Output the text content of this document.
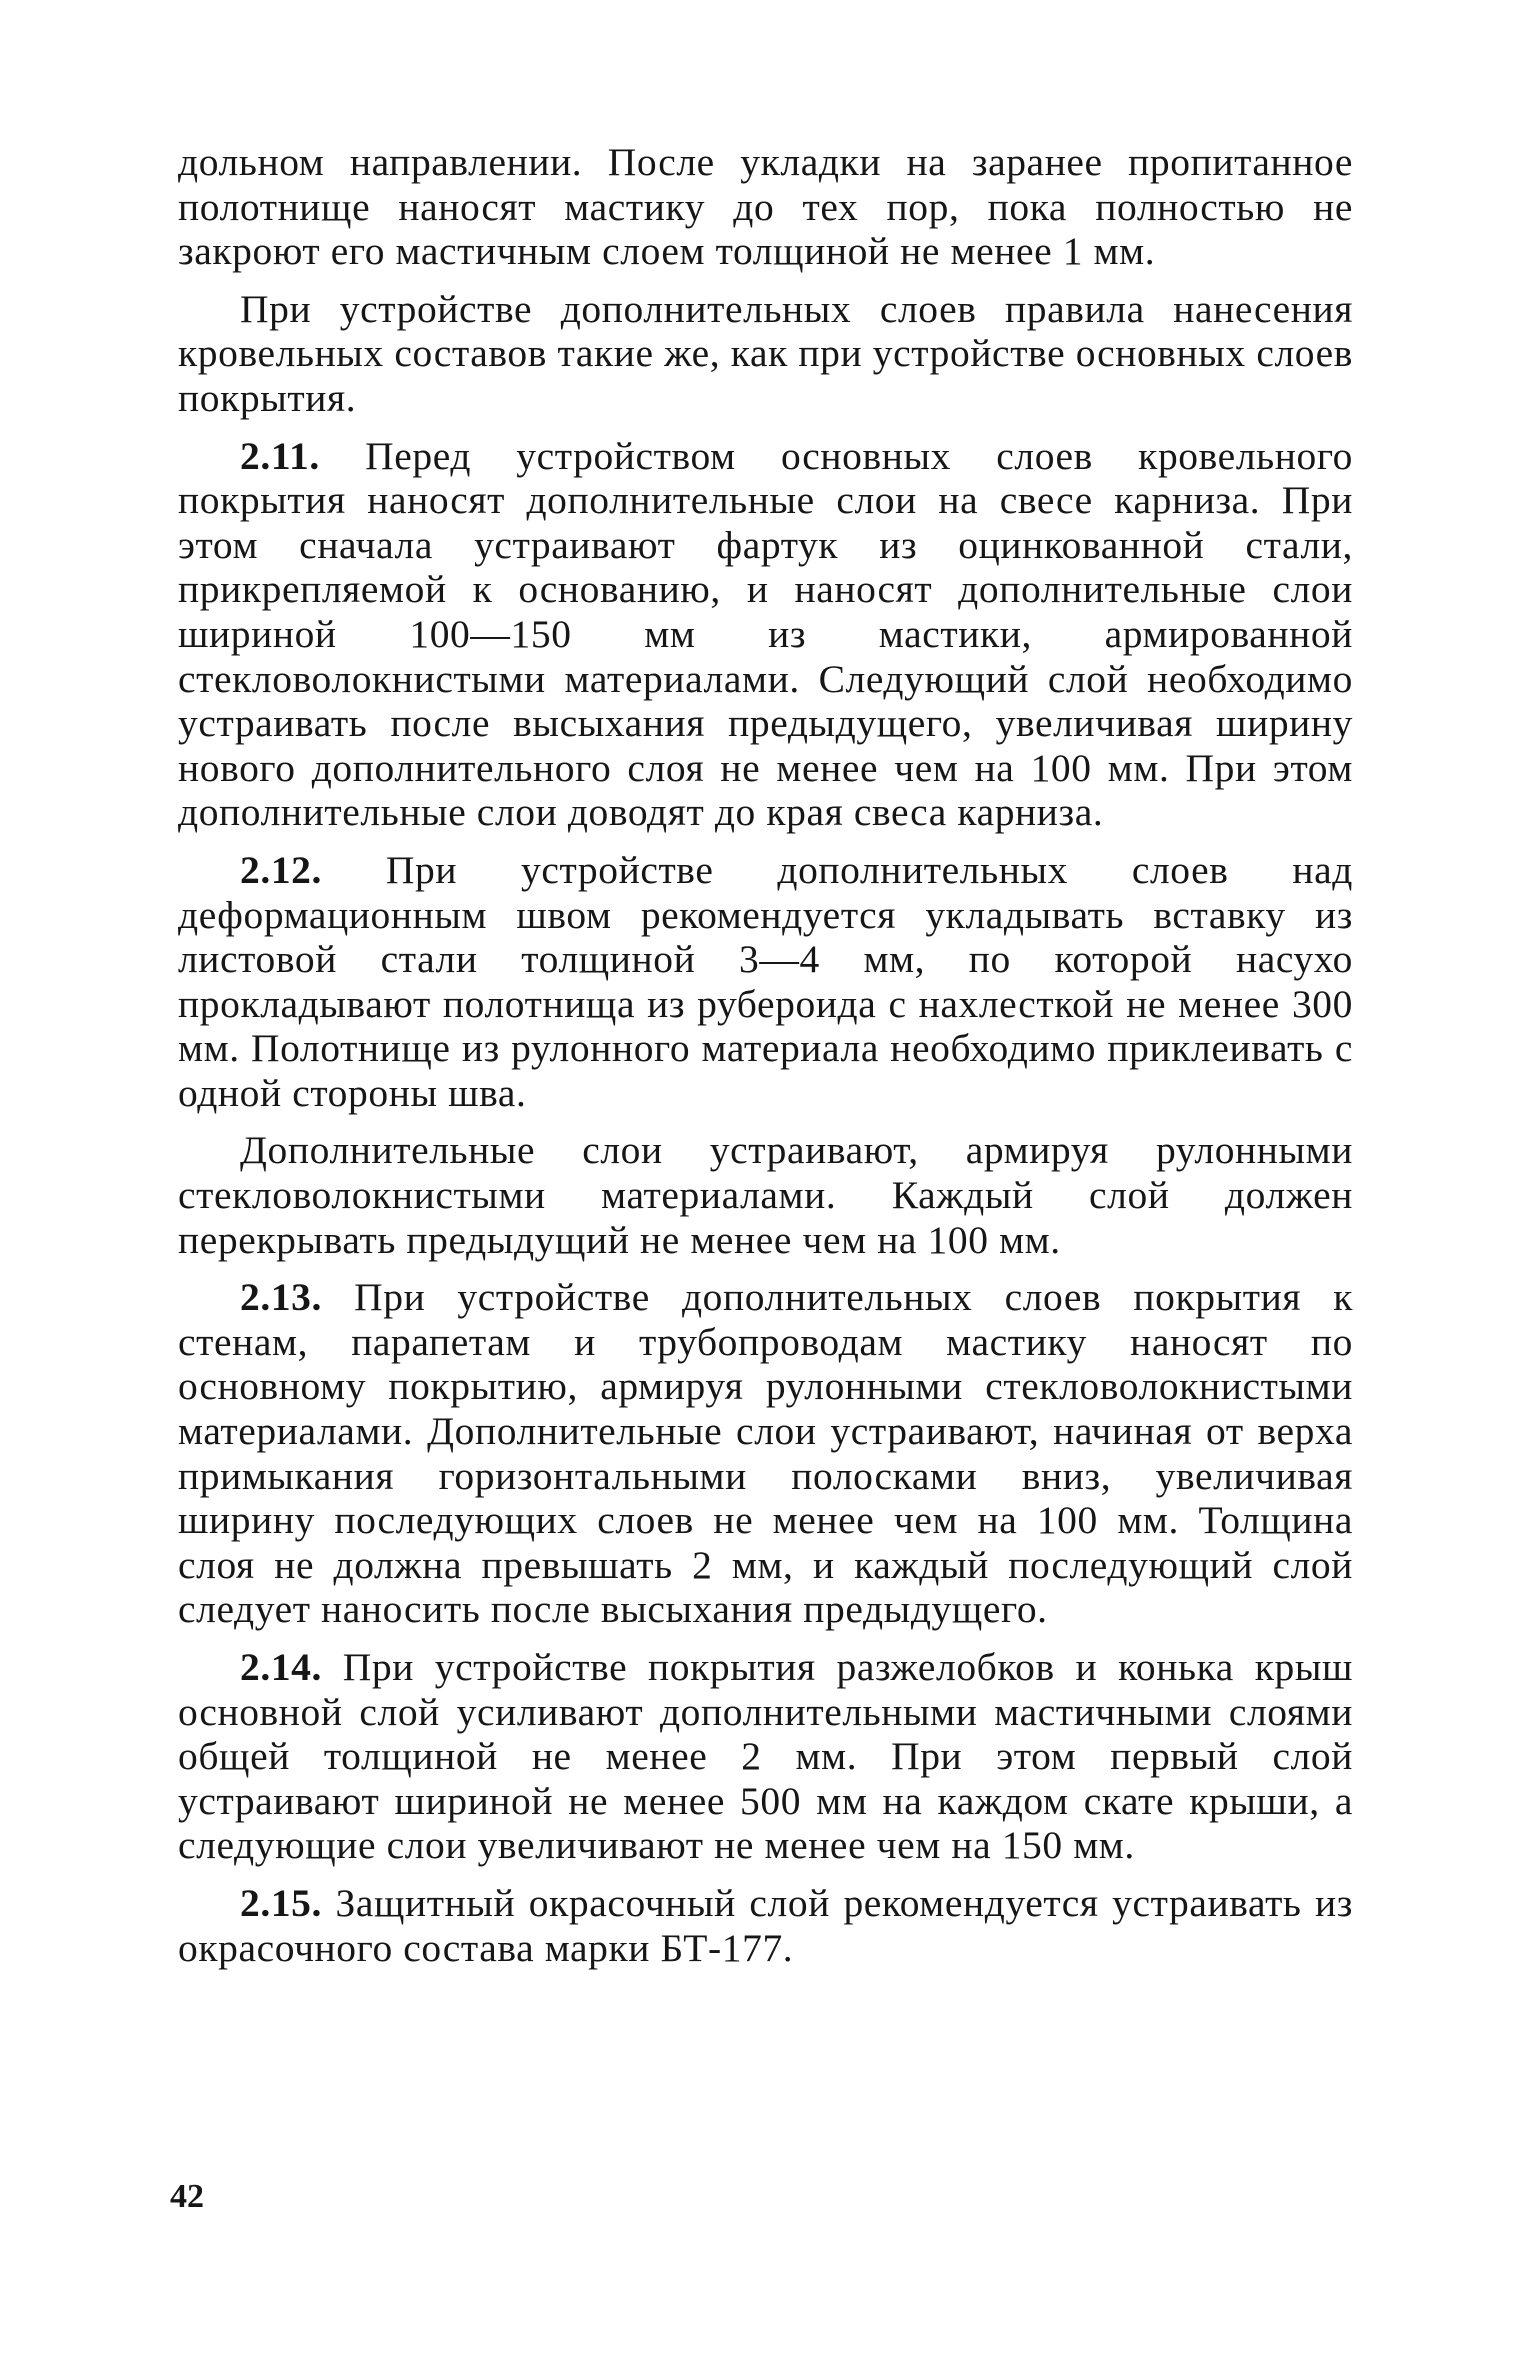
дольном направлении. После укладки на заранее пропитанное полотнище наносят мастику до тех пор, пока полностью не закроют его мастичным слоем толщиной не менее 1 мм.

При устройстве дополнительных слоев правила нанесения кровельных составов такие же, как при устройстве основных слоев покрытия.

2.11. Перед устройством основных слоев кровельного покрытия наносят дополнительные слои на свесе карниза. При этом сначала устраивают фартук из оцинкованной стали, прикрепляемой к основанию, и наносят дополнительные слои шириной 100—150 мм из мастики, армированной стекловолокнистыми материалами. Следующий слой необходимо устраивать после высыхания предыдущего, увеличивая ширину нового дополнительного слоя не менее чем на 100 мм. При этом дополнительные слои доводят до края свеса карниза.

2.12. При устройстве дополнительных слоев над деформационным швом рекомендуется укладывать вставку из листовой стали толщиной 3—4 мм, по которой насухо прокладывают полотнища из рубероида с нахлесткой не менее 300 мм. Полотнище из рулонного материала необходимо приклеивать с одной стороны шва.

Дополнительные слои устраивают, армируя рулонными стекловолокнистыми материалами. Каждый слой должен перекрывать предыдущий не менее чем на 100 мм.

2.13. При устройстве дополнительных слоев покрытия к стенам, парапетам и трубопроводам мастику наносят по основному покрытию, армируя рулонными стекловолокнистыми материалами. Дополнительные слои устраивают, начиная от верха примыкания горизонтальными полосками вниз, увеличивая ширину последующих слоев не менее чем на 100 мм. Толщина слоя не должна превышать 2 мм, и каждый последующий слой следует наносить после высыхания предыдущего.

2.14. При устройстве покрытия разжелобков и конька крыш основной слой усиливают дополнительными мастичными слоями общей толщиной не менее 2 мм. При этом первый слой устраивают шириной не менее 500 мм на каждом скате крыши, а следующие слои увеличивают не менее чем на 150 мм.

2.15. Защитный окрасочный слой рекомендуется устраивать из окрасочного состава марки БТ-177.

42
